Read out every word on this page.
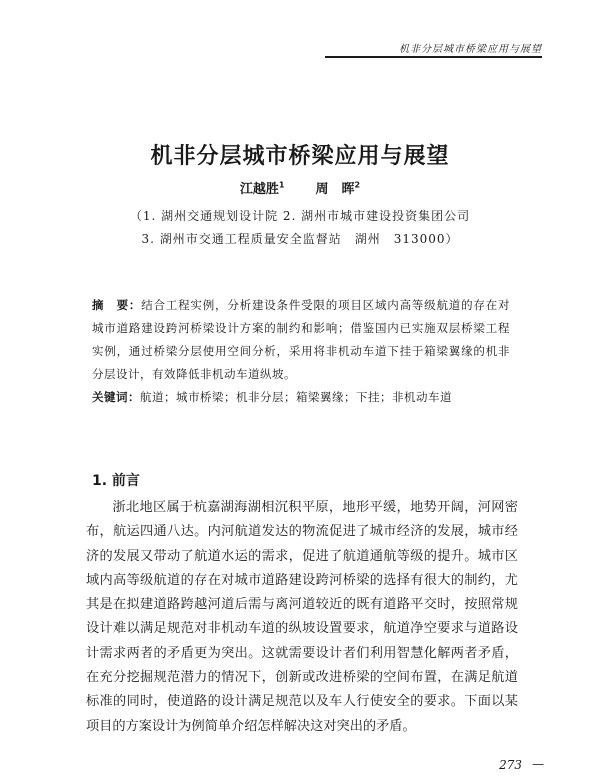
机非分层城市桥梁应用与展望
机非分层城市桥梁应用与展望
江越胜$^1$ 周　晖$^2$
（1. 湖州交通规划设计院 2. 湖州市城市建设投资集团公司
3. 湖州市交通工程质量安全监督站　湖州　313000）

摘　要：结合工程实例，分析建设条件受限的项目区域内高等级航道的存在对城市道路建设跨河桥梁设计方案的制约和影响；借鉴国内已实施双层桥梁工程实例，通过桥梁分层使用空间分析，采用将非机动车道下挂于箱梁翼缘的机非分层设计，有效降低非机动车道纵坡。

关键词：航道；城市桥梁；机非分层；箱梁翼缘；下挂；非机动车道

1. 前言

浙北地区属于杭嘉湖海湖相沉积平原，地形平缓，地势开阔，河网密布，航运四通八达。内河航道发达的物流促进了城市经济的发展，城市经济的发展又带动了航道水运的需求，促进了航道通航等级的提升。城市区域内高等级航道的存在对城市道路建设跨河桥梁的选择有很大的制约，尤其是在拟建道路跨越河道后需与离河道较近的既有道路平交时，按照常规设计难以满足规范对非机动车道的纵坡设置要求，航道净空要求与道路设计需求两者的矛盾更为突出。这就需要设计者们利用智慧化解两者矛盾，在充分挖掘规范潜力的情况下，创新或改进桥梁的空间布置，在满足航道标准的同时，使道路的设计满足规范以及车人行使安全的要求。下面以某项目的方案设计为例简单介绍怎样解决这对突出的矛盾。

273 —
